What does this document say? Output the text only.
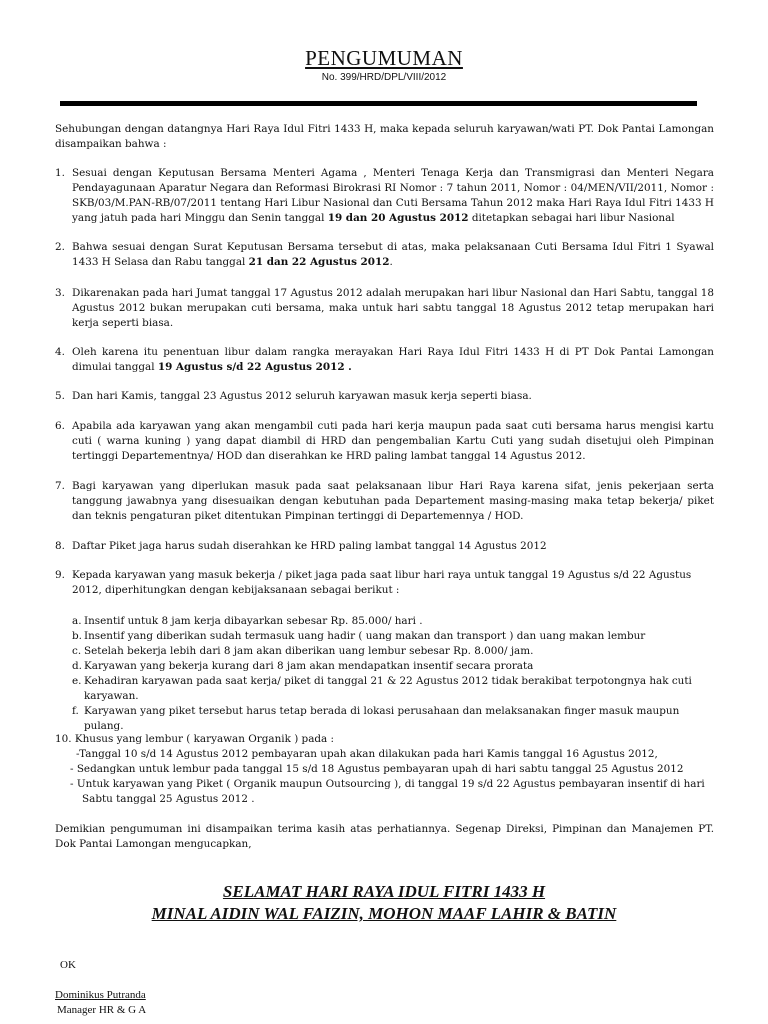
PENGUMUMAN
No. 399/HRD/DPL/VIII/2012

Sehubungan dengan datangnya Hari Raya Idul Fitri 1433 H, maka kepada seluruh karyawan/wati PT. Dok Pantai Lamongan disampaikan bahwa :

1. Sesuai dengan Keputusan Bersama Menteri Agama , Menteri Tenaga Kerja dan Transmigrasi dan Menteri Negara Pendayagunaan Aparatur Negara dan Reformasi Birokrasi RI Nomor : 7 tahun 2011, Nomor : 04/MEN/VII/2011, Nomor : SKB/03/M.PAN-RB/07/2011 tentang Hari Libur Nasional dan Cuti Bersama Tahun 2012 maka Hari Raya Idul Fitri 1433 H yang jatuh pada hari Minggu dan Senin tanggal 19 dan 20 Agustus 2012 ditetapkan sebagai hari libur Nasional
2. Bahwa sesuai dengan Surat Keputusan Bersama tersebut di atas, maka pelaksanaan Cuti Bersama Idul Fitri 1 Syawal 1433 H Selasa dan Rabu tanggal 21 dan 22 Agustus 2012.
3. Dikarenakan pada hari Jumat tanggal 17 Agustus 2012 adalah merupakan hari libur Nasional dan Hari Sabtu, tanggal 18 Agustus 2012 bukan merupakan cuti bersama, maka untuk hari sabtu tanggal 18 Agustus 2012 tetap merupakan hari kerja seperti biasa.
4. Oleh karena itu penentuan libur dalam rangka merayakan Hari Raya Idul Fitri 1433 H di PT Dok Pantai Lamongan dimulai tanggal 19 Agustus s/d 22 Agustus 2012 .
5. Dan hari Kamis, tanggal 23 Agustus 2012 seluruh karyawan masuk kerja seperti biasa.
6. Apabila ada karyawan yang akan mengambil cuti pada hari kerja maupun pada saat cuti bersama harus mengisi kartu cuti ( warna kuning ) yang dapat diambil di HRD dan pengembalian Kartu Cuti yang sudah disetujui oleh Pimpinan tertinggi Departementnya/ HOD dan diserahkan ke HRD paling lambat tanggal 14 Agustus 2012.
7. Bagi karyawan yang diperlukan masuk pada saat pelaksanaan libur Hari Raya karena sifat, jenis pekerjaan serta tanggung jawabnya yang disesuaikan dengan kebutuhan pada Departement masing-masing maka tetap bekerja/ piket dan teknis pengaturan piket ditentukan Pimpinan tertinggi di Departemennya / HOD.
8. Daftar Piket jaga harus sudah diserahkan ke HRD paling lambat tanggal 14 Agustus 2012
9. Kepada karyawan yang masuk bekerja / piket jaga pada saat libur hari raya untuk tanggal 19 Agustus s/d 22 Agustus 2012, diperhitungkan dengan kebijaksanaan sebagai berikut :
a. Insentif untuk 8 jam kerja dibayarkan sebesar Rp. 85.000/ hari .
b. Insentif yang diberikan sudah termasuk uang hadir ( uang makan dan transport ) dan uang makan lembur
c. Setelah bekerja lebih dari 8 jam akan diberikan uang lembur sebesar Rp. 8.000/ jam.
d. Karyawan yang bekerja kurang dari 8 jam akan mendapatkan insentif secara prorata
e. Kehadiran karyawan pada saat kerja/ piket di tanggal 21 & 22 Agustus 2012 tidak berakibat terpotongnya hak cuti karyawan.
f. Karyawan yang piket tersebut harus tetap berada di lokasi perusahaan dan melaksanakan finger masuk maupun pulang.
10. Khusus yang lembur ( karyawan Organik ) pada :
-Tanggal 10 s/d 14 Agustus 2012 pembayaran upah akan dilakukan pada hari Kamis tanggal 16 Agustus 2012,
- Sedangkan untuk lembur pada tanggal 15 s/d 18 Agustus pembayaran upah di hari sabtu tanggal 25 Agustus 2012
- Untuk karyawan yang Piket ( Organik maupun Outsourcing ), di tanggal 19 s/d 22 Agustus pembayaran insentif di hari
Sabtu tanggal 25 Agustus 2012 .

Demikian pengumuman ini disampaikan terima kasih atas perhatiannya. Segenap Direksi, Pimpinan dan Manajemen PT. Dok Pantai Lamongan mengucapkan,

SELAMAT HARI RAYA IDUL FITRI 1433 H
MINAL AIDIN WAL FAIZIN, MOHON MAAF LAHIR & BATIN
OK
Dominikus Putranda
Manager HR & G A
